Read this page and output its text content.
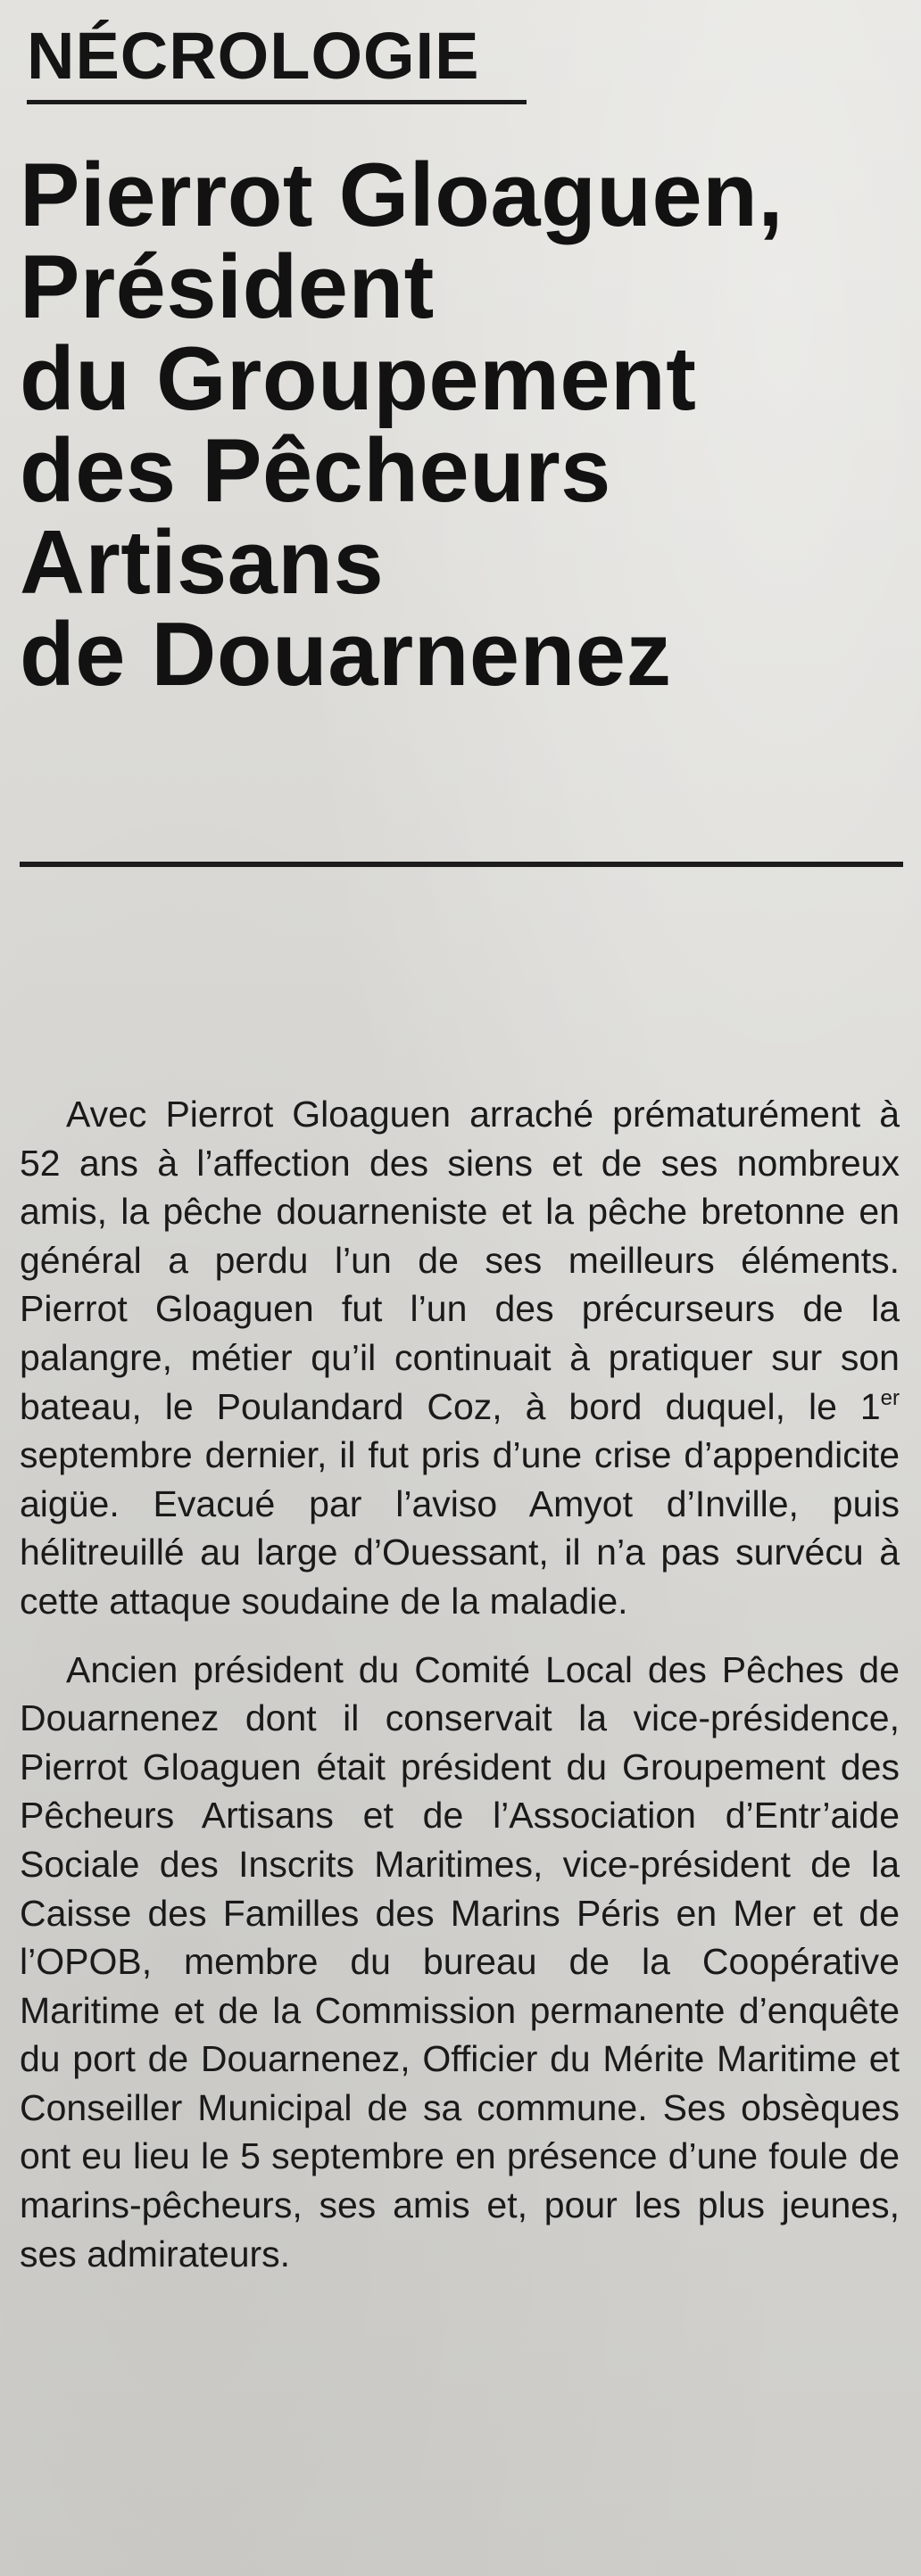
NÉCROLOGIE
Pierrot Gloaguen,
Président
du Groupement
des Pêcheurs
Artisans
de Douarnenez

Avec Pierrot Gloaguen arraché prématurément à 52 ans à l’affection des siens et de ses nombreux amis, la pêche douarneniste et la pêche bretonne en général a perdu l’un de ses meilleurs éléments. Pierrot Gloaguen fut l’un des précurseurs de la palangre, métier qu’il continuait à pratiquer sur son bateau, le Poulandard Coz, à bord duquel, le 1er septembre dernier, il fut pris d’une crise d’appendicite aigüe. Evacué par l’aviso Amyot d’Inville, puis hélitreuillé au large d’Ouessant, il n’a pas survécu à cette attaque soudaine de la maladie.

Ancien président du Comité Local des Pêches de Douarnenez dont il conservait la vice-présidence, Pierrot Gloaguen était président du Groupement des Pêcheurs Artisans et de l’Association d’Entr’aide Sociale des Inscrits Maritimes, vice-président de la Caisse des Familles des Marins Péris en Mer et de l’OPOB, membre du bureau de la Coopérative Maritime et de la Commission permanente d’enquête du port de Douarnenez, Officier du Mérite Maritime et Conseiller Municipal de sa commune. Ses obsèques ont eu lieu le 5 septembre en présence d’une foule de marins-pêcheurs, ses amis et, pour les plus jeunes, ses admirateurs.
